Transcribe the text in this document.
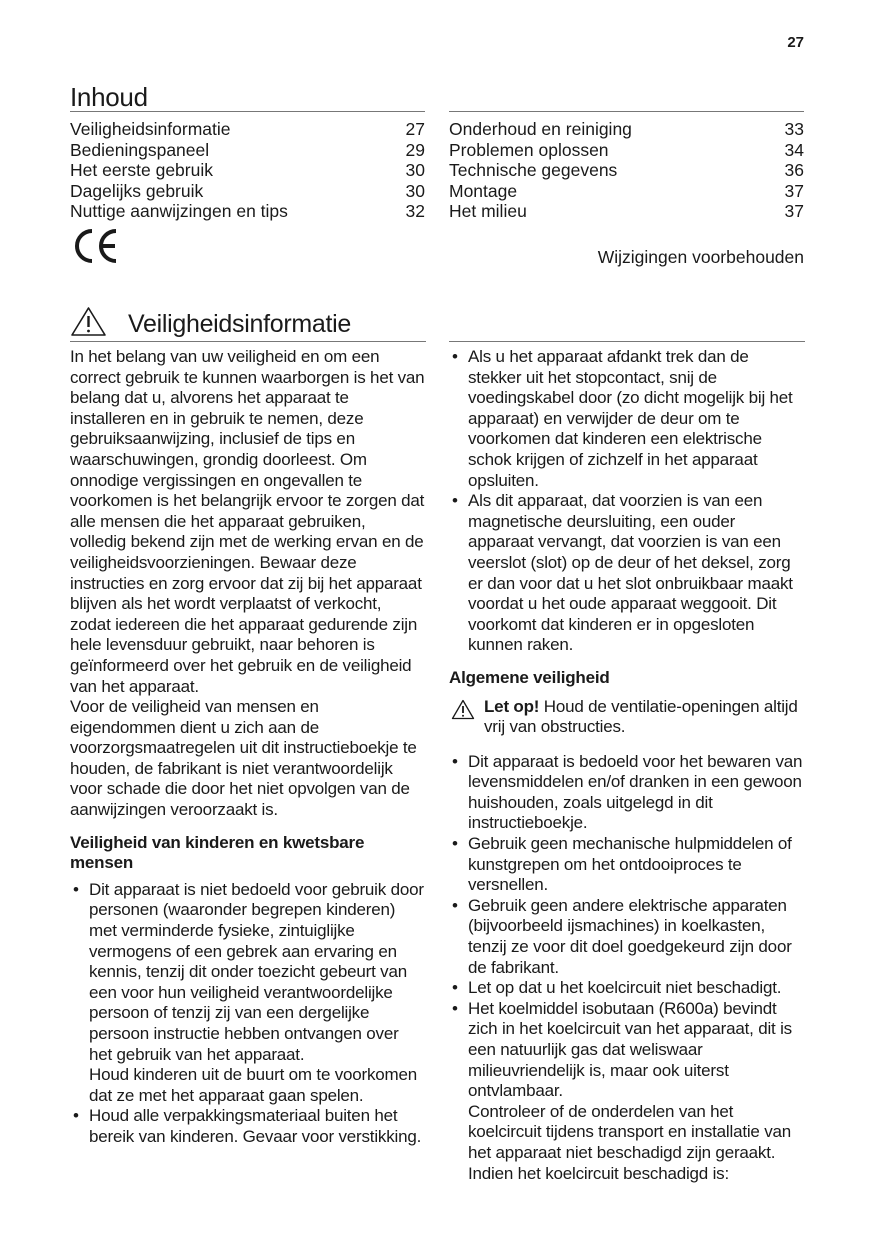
27
Inhoud
Veiligheidsinformatie	27
Bedieningspaneel	29
Het eerste gebruik	30
Dagelijks gebruik	30
Nuttige aanwijzingen en tips	32
Onderhoud en reiniging	33
Problemen oplossen	34
Technische gegevens	36
Montage	37
Het milieu	37
Wijzigingen voorbehouden
Veiligheidsinformatie

In het belang van uw veiligheid en om een correct gebruik te kunnen waarborgen is het van belang dat u, alvorens het apparaat te installeren en in gebruik te nemen, deze gebruiksaanwijzing, inclusief de tips en waarschuwingen, grondig doorleest. Om onnodige vergissingen en ongevallen te voorkomen is het belangrijk ervoor te zorgen dat alle mensen die het apparaat gebruiken, volledig bekend zijn met de werking ervan en de veiligheidsvoorzieningen. Bewaar deze instructies en zorg ervoor dat zij bij het apparaat blijven als het wordt verplaatst of verkocht, zodat iedereen die het apparaat gedurende zijn hele levensduur gebruikt, naar behoren is geïnformeerd over het gebruik en de veiligheid van het apparaat.

Voor de veiligheid van mensen en eigendommen dient u zich aan de voorzorgsmaatregelen uit dit instructieboekje te houden, de fabrikant is niet verantwoordelijk voor schade die door het niet opvolgen van de aanwijzingen veroorzaakt is.

Veiligheid van kinderen en kwetsbare mensen
• Dit apparaat is niet bedoeld voor gebruik door personen (waaronder begrepen kinderen) met verminderde fysieke, zintuiglijke vermogens of een gebrek aan ervaring en kennis, tenzij dit onder toezicht gebeurt van een voor hun veiligheid verantwoordelijke persoon of tenzij zij van een dergelijke persoon instructie hebben ontvangen over het gebruik van het apparaat.
Houd kinderen uit de buurt om te voorkomen dat ze met het apparaat gaan spelen.
• Houd alle verpakkingsmateriaal buiten het bereik van kinderen. Gevaar voor verstikking.
• Als u het apparaat afdankt trek dan de stekker uit het stopcontact, snij de voedingskabel door (zo dicht mogelijk bij het apparaat) en verwijder de deur om te voorkomen dat kinderen een elektrische schok krijgen of zichzelf in het apparaat opsluiten.
• Als dit apparaat, dat voorzien is van een magnetische deursluiting, een ouder apparaat vervangt, dat voorzien is van een veerslot (slot) op de deur of het deksel, zorg er dan voor dat u het slot onbruikbaar maakt voordat u het oude apparaat weggooit. Dit voorkomt dat kinderen er in opgesloten kunnen raken.
Algemene veiligheid
Let op! Houd de ventilatie-openingen altijd vrij van obstructies.
• Dit apparaat is bedoeld voor het bewaren van levensmiddelen en/of dranken in een gewoon huishouden, zoals uitgelegd in dit instructieboekje.
• Gebruik geen mechanische hulpmiddelen of kunstgrepen om het ontdooiproces te versnellen.
• Gebruik geen andere elektrische apparaten (bijvoorbeeld ijsmachines) in koelkasten, tenzij ze voor dit doel goedgekeurd zijn door de fabrikant.
• Let op dat u het koelcircuit niet beschadigt.
• Het koelmiddel isobutaan (R600a) bevindt zich in het koelcircuit van het apparaat, dit is een natuurlijk gas dat weliswaar milieuvriendelijk is, maar ook uiterst ontvlambaar.
Controleer of de onderdelen van het koelcircuit tijdens transport en installatie van het apparaat niet beschadigd zijn geraakt. Indien het koelcircuit beschadigd is:
